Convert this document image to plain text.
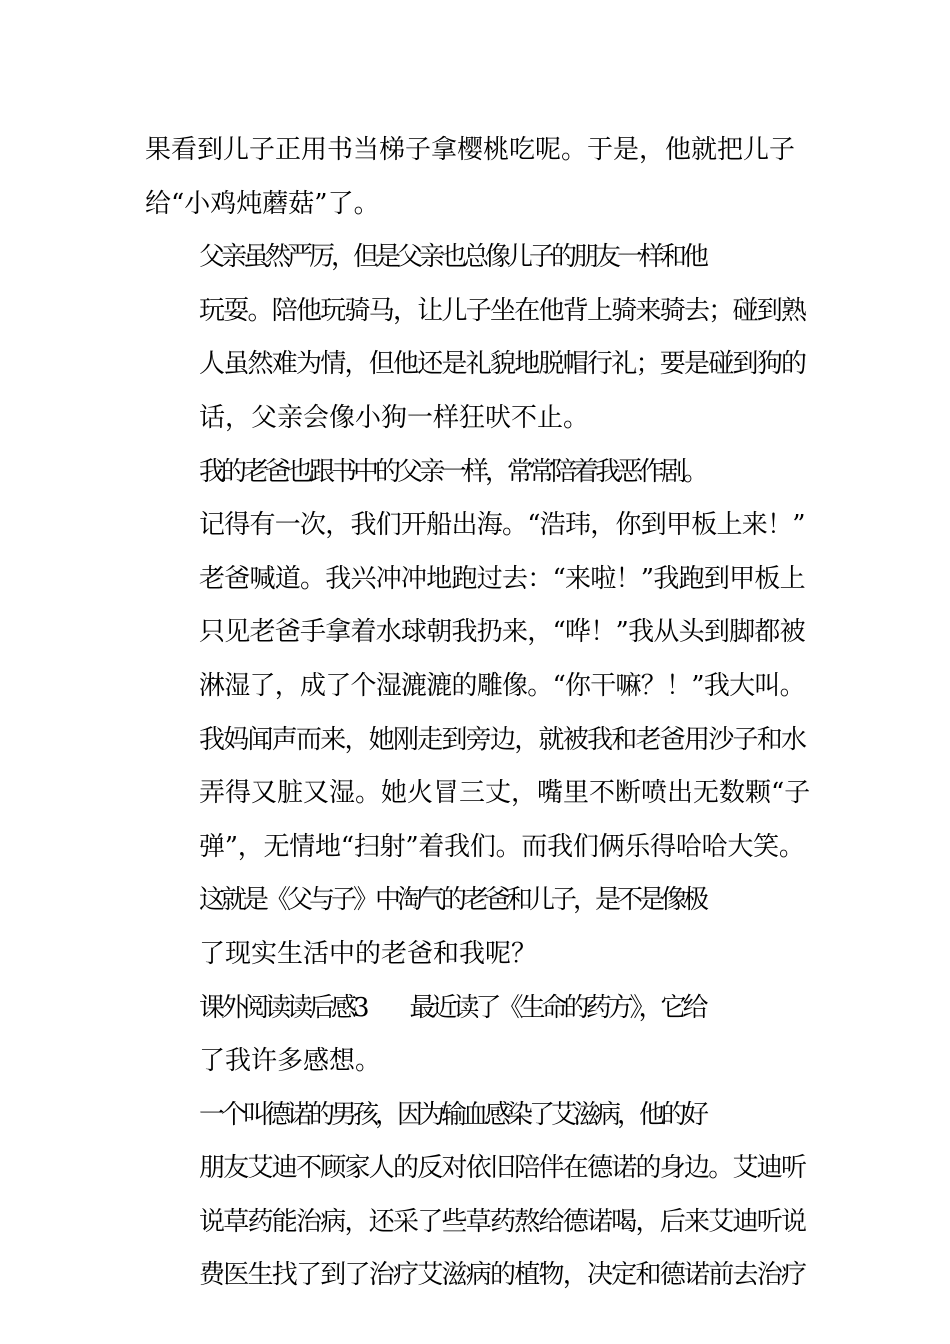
果看到儿子正用书当梯子拿樱桃吃呢。于是，他就把儿子
给“小鸡炖蘑菇”了。

父亲虽然严厉，但是父亲也总像儿子的朋友一样和他
玩耍。陪他玩骑马，让儿子坐在他背上骑来骑去；碰到熟
人虽然难为情，但他还是礼貌地脱帽行礼；要是碰到狗的
话，父亲会像小狗一样狂吠不止。

我的老爸也跟书中的父亲一样，常常陪着我恶作剧。
记得有一次，我们开船出海。“浩玮，你到甲板上来！”
老爸喊道。我兴冲冲地跑过去：“来啦！”我跑到甲板上
只见老爸手拿着水球朝我扔来，“哗！”我从头到脚都被
淋湿了，成了个湿漉漉的雕像。“你干嘛？！”我大叫。
我妈闻声而来，她刚走到旁边，就被我和老爸用沙子和水
弄得又脏又湿。她火冒三丈，嘴里不断喷出无数颗“子
弹”，无情地“扫射”着我们。而我们俩乐得哈哈大笑。

这就是《父与子》中淘气的老爸和儿子，是不是像极
了现实生活中的老爸和我呢？

课外阅读读后感3　　最近读了《生命的药方》，它给
了我许多感想。

一个叫德诺的男孩，因为输血感染了艾滋病，他的好
朋友艾迪不顾家人的反对依旧陪伴在德诺的身边。艾迪听
说草药能治病，还采了些草药熬给德诺喝，后来艾迪听说
费医生找了到了治疗艾滋病的植物，决定和德诺前去治疗
